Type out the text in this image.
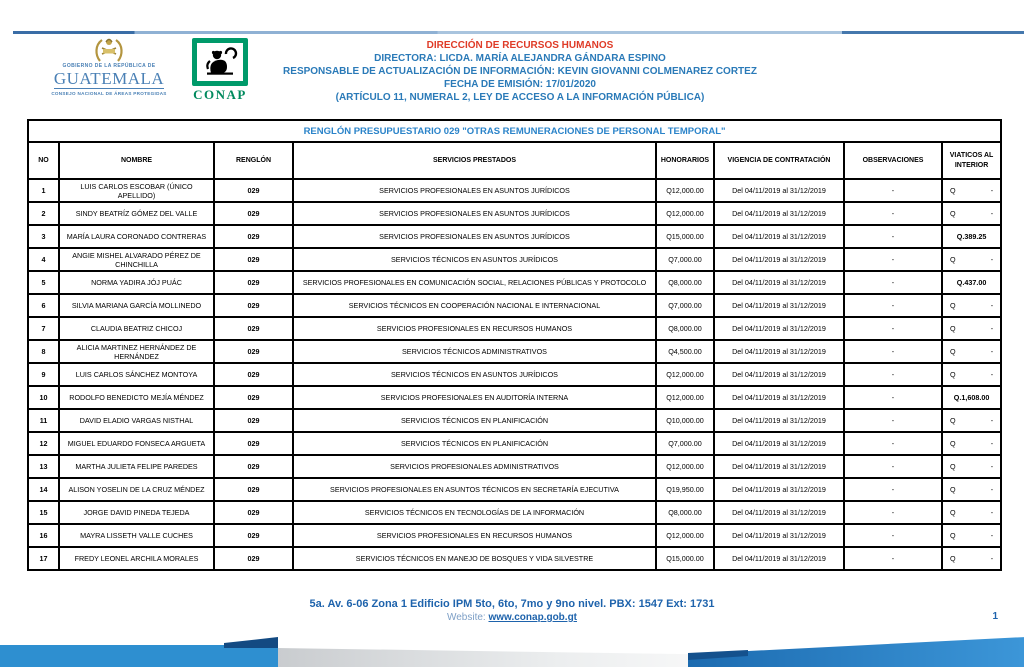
GOBIERNO DE LA REPÚBLICA DE
GUATEMALA
CONSEJO NACIONAL DE ÁREAS PROTEGIDAS	CONAP
DIRECCIÓN DE RECURSOS HUMANOS
DIRECTORA: LICDA. MARÍA ALEJANDRA GÁNDARA ESPINO
RESPONSABLE DE ACTUALIZACIÓN DE INFORMACIÓN: KEVIN GIOVANNI COLMENAREZ CORTEZ
FECHA DE EMISIÓN: 17/01/2020
(ARTÍCULO 11, NUMERAL 2, LEY DE ACCESO A LA INFORMACIÓN PÚBLICA)
RENGLÓN PRESUPUESTARIO 029 "OTRAS REMUNERACIONES DE PERSONAL TEMPORAL"							
NO	NOMBRE	RENGLÓN	SERVICIOS PRESTADOS	HONORARIOS	VIGENCIA DE CONTRATACIÓN	OBSERVACIONES	VIATICOS AL INTERIOR
1	LUIS CARLOS ESCOBAR (ÚNICO APELLIDO)	029	SERVICIOS PROFESIONALES EN ASUNTOS JURÍDICOS	Q12,000.00	Del 04/11/2019 al 31/12/2019	-	Q -

2	SINDY BEATRÍZ GÓMEZ DEL VALLE	029	SERVICIOS PROFESIONALES EN ASUNTOS JURÍDICOS	Q12,000.00	Del 04/11/2019 al 31/12/2019	-	Q -

3	MARÍA LAURA CORONADO CONTRERAS	029	SERVICIOS PROFESIONALES EN ASUNTOS JURÍDICOS	Q15,000.00	Del 04/11/2019 al 31/12/2019	-	Q.389.25
4	ANGIE MISHEL ALVARADO PÉREZ DE CHINCHILLA	029	SERVICIOS TÉCNICOS EN ASUNTOS JURÍDICOS	Q7,000.00	Del 04/11/2019 al 31/12/2019	-	Q -

5	NORMA YADIRA JÓJ PUÁC	029	SERVICIOS PROFESIONALES EN COMUNICACIÓN SOCIAL, RELACIONES PÚBLICAS Y PROTOCOLO	Q8,000.00	Del 04/11/2019 al 31/12/2019	-	Q.437.00
6	SILVIA MARIANA GARCÍA MOLLINEDO	029	SERVICIOS TÉCNICOS EN COOPERACIÓN NACIONAL E INTERNACIONAL	Q7,000.00	Del 04/11/2019 al 31/12/2019	-	Q -

7	CLAUDIA BEATRIZ CHICOJ	029	SERVICIOS PROFESIONALES EN RECURSOS HUMANOS	Q8,000.00	Del 04/11/2019 al 31/12/2019	-	Q -

8	ALICIA MARTINEZ HERNÁNDEZ DE HERNÁNDEZ	029	SERVICIOS TÉCNICOS ADMINISTRATIVOS	Q4,500.00	Del 04/11/2019 al 31/12/2019	-	Q -

9	LUIS CARLOS SÁNCHEZ MONTOYA	029	SERVICIOS TÉCNICOS EN ASUNTOS JURÍDICOS	Q12,000.00	Del 04/11/2019 al 31/12/2019	-	Q -

10	RODOLFO BENEDICTO MEJÍA MÉNDEZ	029	SERVICIOS PROFESIONALES EN AUDITORÍA INTERNA	Q12,000.00	Del 04/11/2019 al 31/12/2019	-	Q.1,608.00
11	DAVID ELADIO VARGAS NISTHAL	029	SERVICIOS TÉCNICOS EN PLANIFICACIÓN	Q10,000.00	Del 04/11/2019 al 31/12/2019	-	Q -

12	MIGUEL EDUARDO FONSECA ARGUETA	029	SERVICIOS TÉCNICOS EN PLANIFICACIÓN	Q7,000.00	Del 04/11/2019 al 31/12/2019	-	Q -

13	MARTHA JULIETA FELIPE PAREDES	029	SERVICIOS PROFESIONALES ADMINISTRATIVOS	Q12,000.00	Del 04/11/2019 al 31/12/2019	-	Q -

14	ALISON YOSELIN DE LA CRUZ MÉNDEZ	029	SERVICIOS PROFESIONALES EN ASUNTOS TÉCNICOS EN SECRETARÍA EJECUTIVA	Q19,950.00	Del 04/11/2019 al 31/12/2019	-	Q -

15	JORGE DAVID PINEDA TEJEDA	029	SERVICIOS TÉCNICOS EN TECNOLOGÍAS DE LA INFORMACIÓN	Q8,000.00	Del 04/11/2019 al 31/12/2019	-	Q -

16	MAYRA LISSETH VALLE CUCHES	029	SERVICIOS PROFESIONALES EN RECURSOS HUMANOS	Q12,000.00	Del 04/11/2019 al 31/12/2019	-	Q -

17	FREDY LEONEL ARCHILA MORALES	029	SERVICIOS TÉCNICOS EN MANEJO DE BOSQUES Y VIDA SILVESTRE	Q15,000.00	Del 04/11/2019 al 31/12/2019	-	Q -
5a. Av. 6-06 Zona 1 Edificio IPM 5to, 6to, 7mo y 9no nivel. PBX: 1547 Ext: 1731
Website: www.conap.gob.gt	1
